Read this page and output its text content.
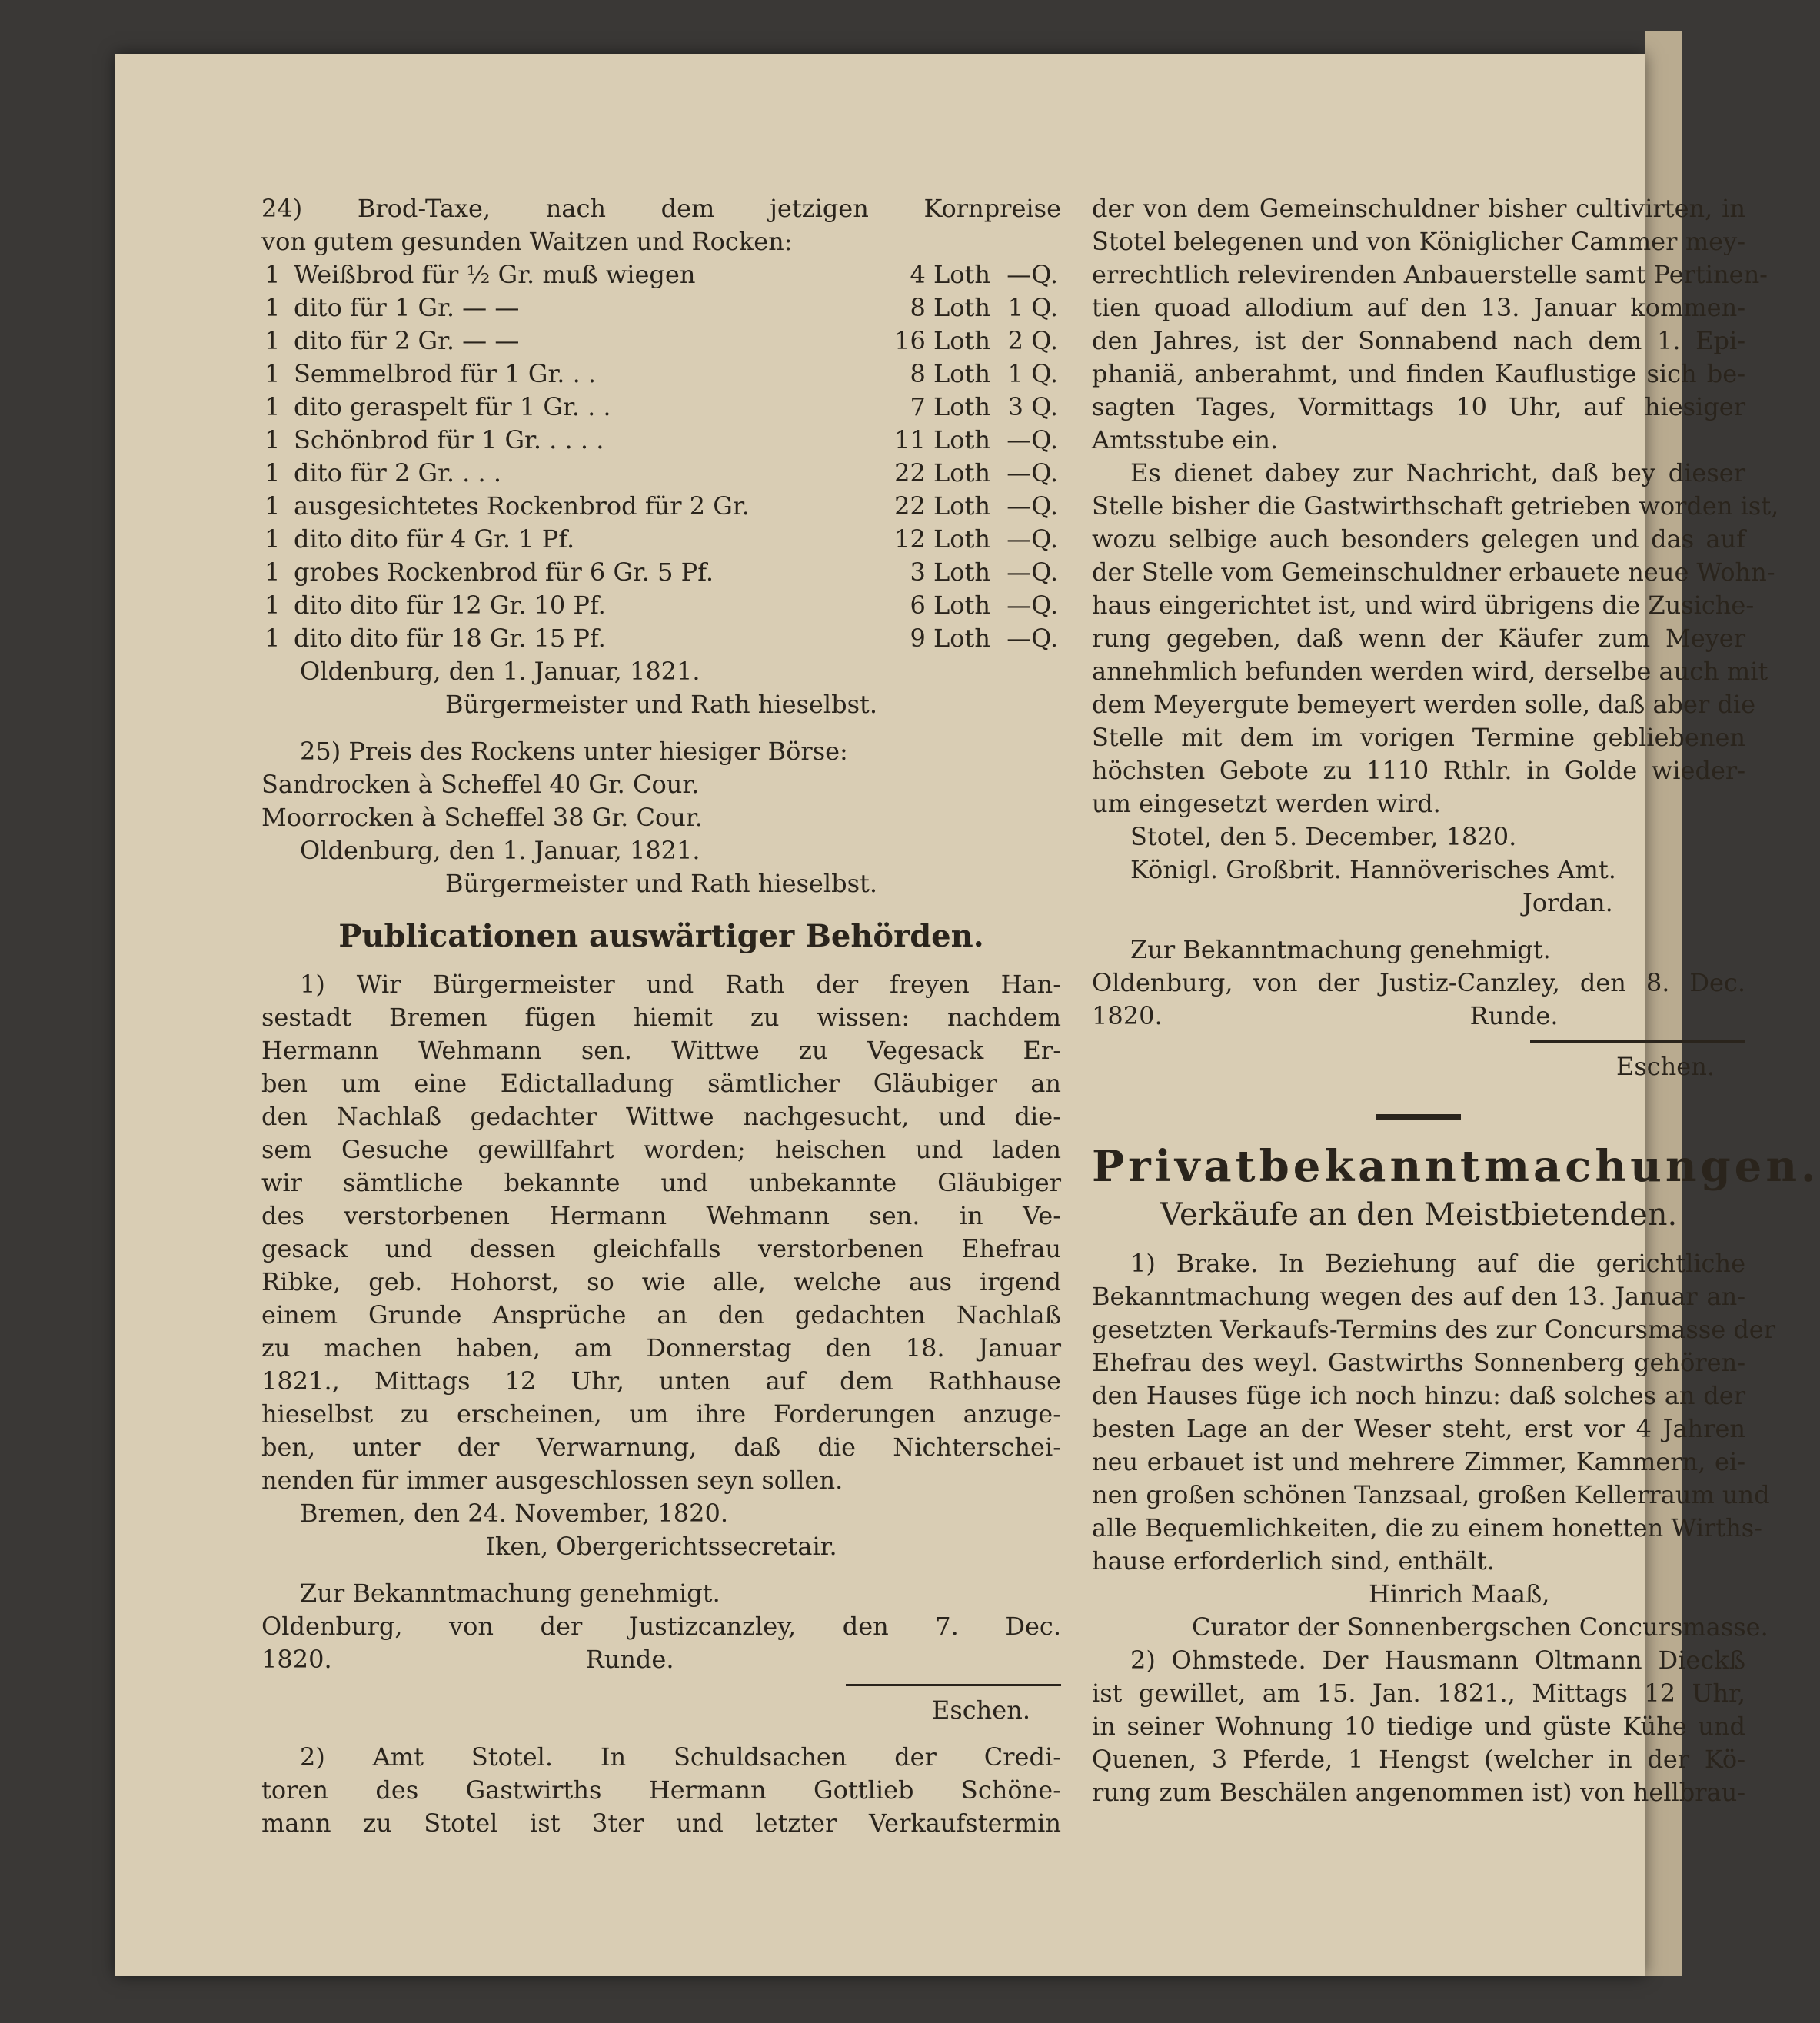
24) Brod-Taxe, nach dem jetzigen Kornpreise
von gutem gesunden Waitzen und Rocken:
1	Weißbrod für ½ Gr. muß wiegen	4 Loth	—Q.
1	dito für 1 Gr. — —	8 Loth	1 Q.
1	dito für 2 Gr. — —	16 Loth	2 Q.
1	Semmelbrod für 1 Gr. . .	8 Loth	1 Q.
1	dito geraspelt für 1 Gr. . .	7 Loth	3 Q.
1	Schönbrod für 1 Gr. . . . .	11 Loth	—Q.
1	dito für 2 Gr. . . .	22 Loth	—Q.
1	ausgesichtetes Rockenbrod für 2 Gr.	22 Loth	—Q.
1	dito dito für 4 Gr. 1 Pf.	12 Loth	—Q.
1	grobes Rockenbrod für 6 Gr. 5 Pf.	3 Loth	—Q.
1	dito dito für 12 Gr. 10 Pf.	6 Loth	—Q.
1	dito dito für 18 Gr. 15 Pf.	9 Loth	—Q.
Oldenburg, den 1. Januar, 1821.
Bürgermeister und Rath hieselbst.
25) Preis des Rockens unter hiesiger Börse:
Sandrocken à Scheffel 40 Gr. Cour.
Moorrocken à Scheffel 38 Gr. Cour.
Oldenburg, den 1. Januar, 1821.
Bürgermeister und Rath hieselbst.
Publicationen auswärtiger Behörden.
1) Wir Bürgermeister und Rath der freyen Han-
sestadt Bremen fügen hiemit zu wissen: nachdem
Hermann Wehmann sen. Wittwe zu Vegesack Er-
ben um eine Edictalladung sämtlicher Gläubiger an
den Nachlaß gedachter Wittwe nachgesucht, und die-
sem Gesuche gewillfahrt worden; heischen und laden
wir sämtliche bekannte und unbekannte Gläubiger
des verstorbenen Hermann Wehmann sen. in Ve-
gesack und dessen gleichfalls verstorbenen Ehefrau
Ribke, geb. Hohorst, so wie alle, welche aus irgend
einem Grunde Ansprüche an den gedachten Nachlaß
zu machen haben, am Donnerstag den 18. Januar
1821., Mittags 12 Uhr, unten auf dem Rathhause
hieselbst zu erscheinen, um ihre Forderungen anzuge-
ben, unter der Verwarnung, daß die Nichterschei-
nenden für immer ausgeschlossen seyn sollen.
Bremen, den 24. November, 1820.
Iken, Obergerichtssecretair.
Zur Bekanntmachung genehmigt.
Oldenburg, von der Justizcanzley, den 7. Dec.
1820.	Runde.
Eschen.
2) Amt Stotel. In Schuldsachen der Credi-
toren des Gastwirths Hermann Gottlieb Schöne-
mann zu Stotel ist 3ter und letzter Verkaufstermin
der von dem Gemeinschuldner bisher cultivirten, in
Stotel belegenen und von Königlicher Cammer mey-
errechtlich relevirenden Anbauerstelle samt Pertinen-
tien quoad allodium auf den 13. Januar kommen-
den Jahres, ist der Sonnabend nach dem 1. Epi-
phaniä, anberahmt, und finden Kauflustige sich be-
sagten Tages, Vormittags 10 Uhr, auf hiesiger
Amtsstube ein.
Es dienet dabey zur Nachricht, daß bey dieser
Stelle bisher die Gastwirthschaft getrieben worden ist,
wozu selbige auch besonders gelegen und das auf
der Stelle vom Gemeinschuldner erbauete neue Wohn-
haus eingerichtet ist, und wird übrigens die Zusiche-
rung gegeben, daß wenn der Käufer zum Meyer
annehmlich befunden werden wird, derselbe auch mit
dem Meyergute bemeyert werden solle, daß aber die
Stelle mit dem im vorigen Termine gebliebenen
höchsten Gebote zu 1110 Rthlr. in Golde wieder-
um eingesetzt werden wird.
Stotel, den 5. December, 1820.
Königl. Großbrit. Hannöverisches Amt.
Jordan.
Zur Bekanntmachung genehmigt.
Oldenburg, von der Justiz-Canzley, den 8. Dec.
1820.	Runde.
Eschen.
Privatbekanntmachungen.
Verkäufe an den Meistbietenden.
1) Brake. In Beziehung auf die gerichtliche
Bekanntmachung wegen des auf den 13. Januar an-
gesetzten Verkaufs-Termins des zur Concursmasse der
Ehefrau des weyl. Gastwirths Sonnenberg gehören-
den Hauses füge ich noch hinzu: daß solches an der
besten Lage an der Weser steht, erst vor 4 Jahren
neu erbauet ist und mehrere Zimmer, Kammern, ei-
nen großen schönen Tanzsaal, großen Kellerraum und
alle Bequemlichkeiten, die zu einem honetten Wirths-
hause erforderlich sind, enthält.
Hinrich Maaß,
Curator der Sonnenbergschen Concursmasse.
2) Ohmstede. Der Hausmann Oltmann Dieckß
ist gewillet, am 15. Jan. 1821., Mittags 12 Uhr,
in seiner Wohnung 10 tiedige und güste Kühe und
Quenen, 3 Pferde, 1 Hengst (welcher in der Kö-
rung zum Beschälen angenommen ist) von hellbrau-
